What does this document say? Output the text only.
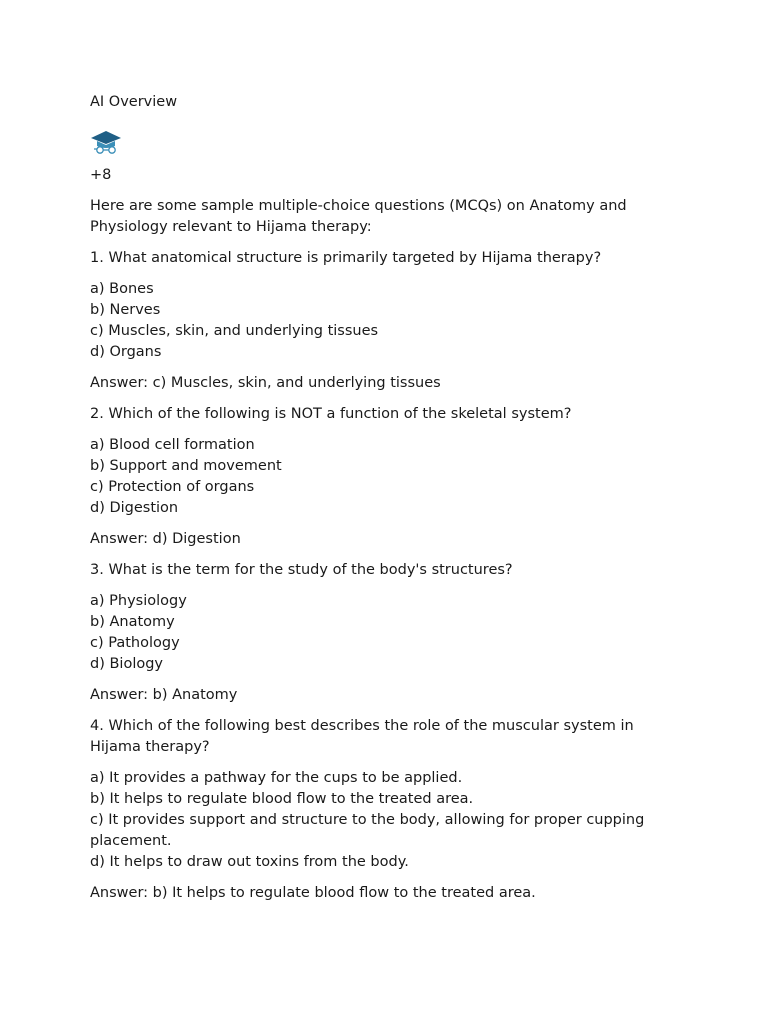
AI Overview

+8

Here are some sample multiple-choice questions (MCQs) on Anatomy and Physiology relevant to Hijama therapy:

1. What anatomical structure is primarily targeted by Hijama therapy?

a) Bones

b) Nerves

c) Muscles, skin, and underlying tissues

d) Organs

Answer: c) Muscles, skin, and underlying tissues

2. Which of the following is NOT a function of the skeletal system?

a) Blood cell formation

b) Support and movement

c) Protection of organs

d) Digestion

Answer: d) Digestion

3. What is the term for the study of the body's structures?

a) Physiology

b) Anatomy

c) Pathology

d) Biology

Answer: b) Anatomy

4. Which of the following best describes the role of the muscular system in Hijama therapy?

a) It provides a pathway for the cups to be applied.

b) It helps to regulate blood flow to the treated area.

c) It provides support and structure to the body, allowing for proper cupping placement.

d) It helps to draw out toxins from the body.

Answer: b) It helps to regulate blood flow to the treated area.
